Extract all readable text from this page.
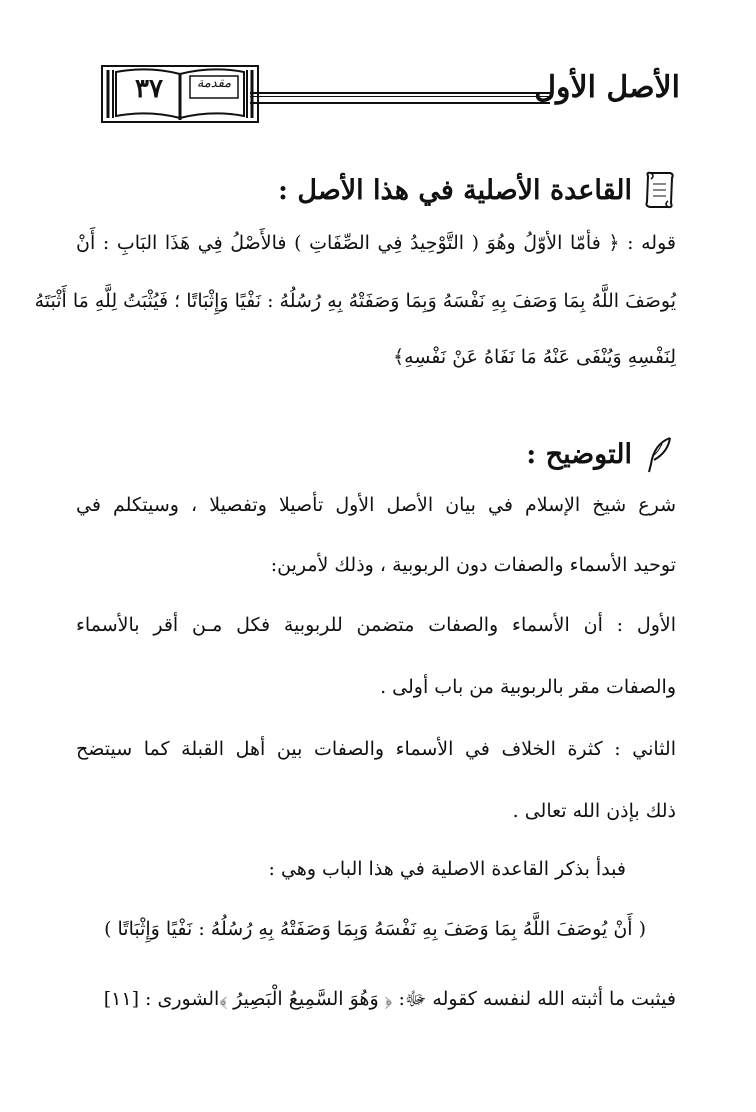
الأصل الأول
٣٧	مقدمة
القاعدة الأصلية في هذا الأصل :
قوله : ﴿ فأمّا الأوّلُ وهُوَ ( التَّوْحِيدُ فِي الصِّفَاتِ ) فالأَصْلُ فِي هَذَا البَابِ : أَنْ
يُوصَفَ اللَّهُ بِمَا وَصَفَ بِهِ نَفْسَهُ وَبِمَا وَصَفَتْهُ بِهِ رُسُلُهُ : نَفْيًا وَإِثْبَاتًا ؛ فَيُثْبَتُ لِلَّهِ مَا أَثْبَتَهُ
لِنَفْسِهِ وَيُنْفَى عَنْهُ مَا نَفَاهُ عَنْ نَفْسِهِ﴾
التوضيح :
شرع شيخ الإسلام في بيان الأصل الأول تأصيلا وتفصيلا ، وسيتكلم في
توحيد الأسماء والصفات دون الربوبية ، وذلك لأمرين:
الأول : أن الأسماء والصفات متضمن للربوبية فكل مـن أقر بالأسماء
والصفات مقر بالربوبية من باب أولى .
الثاني : كثرة الخلاف في الأسماء والصفات بين أهل القبلة كما سيتضح
ذلك بإذن الله تعالى .
فبدأ بذكر القاعدة الاصلية في هذا الباب وهي :
( أَنْ يُوصَفَ اللَّهُ بِمَا وَصَفَ بِهِ نَفْسَهُ وَبِمَا وَصَفَتْهُ بِهِ رُسُلُهُ : نَفْيًا وَإِثْبَاتًا )
فيثبت ما أثبته الله لنفسه كقوله ﷻ: ﴿ وَهُوَ السَّمِيعُ الْبَصِيرُ ﴾الشورى : [١١]
